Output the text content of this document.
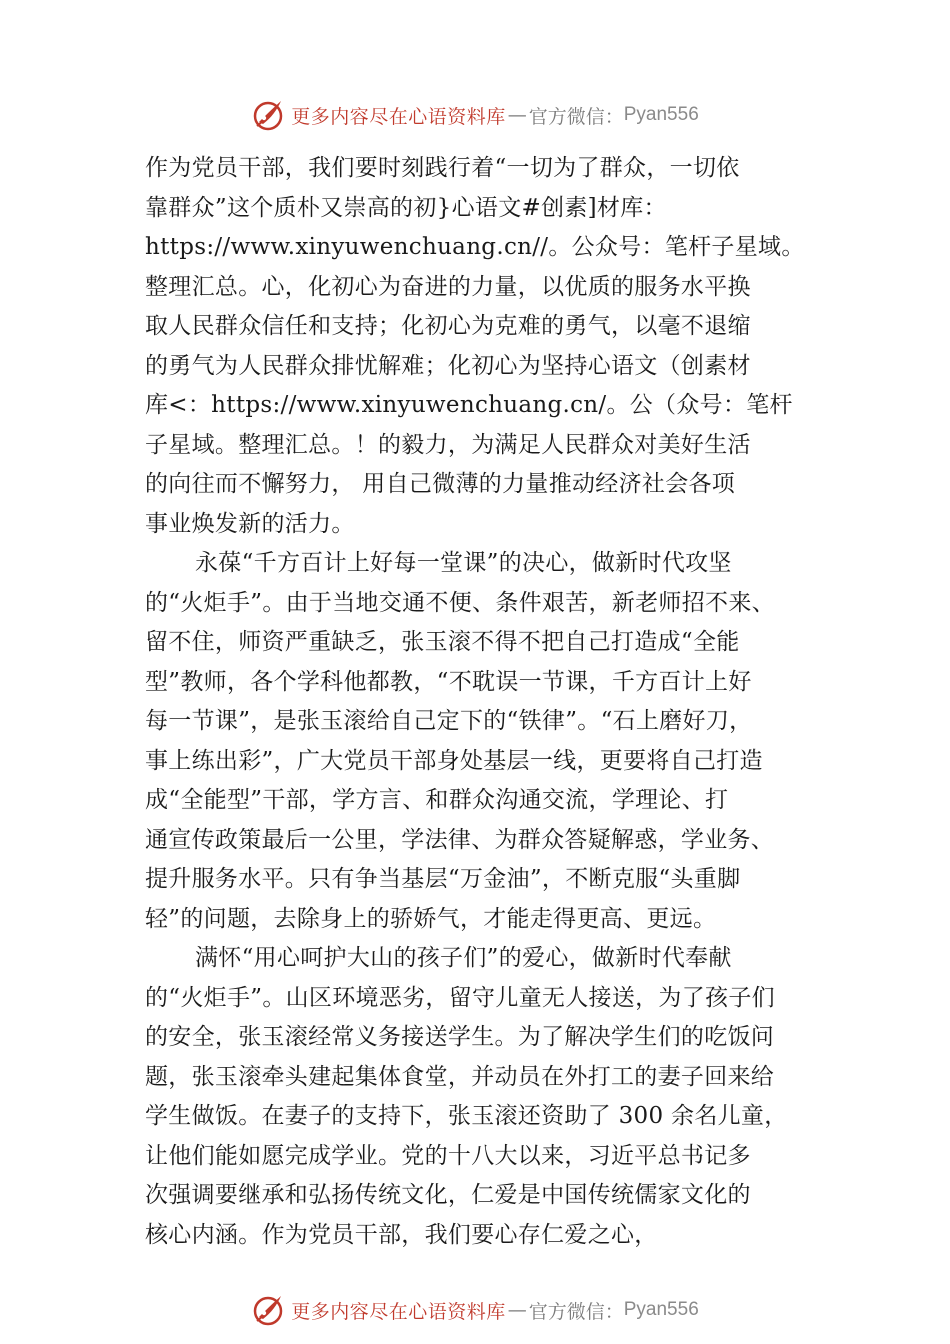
更多内容尽在心语资料库 — 官方微信： Pyan556
作为党员干部，我们要时刻践行着“一切为了群众，一切依
靠群众”这个质朴又崇高的初}心语文#创素]材库：
https://www.xinyuwenchuang.cn//。公众号：笔杆子星域。
整理汇总。心，化初心为奋进的力量，以优质的服务水平换
取人民群众信任和支持；化初心为克难的勇气，以毫不退缩
的勇气为人民群众排忧解难；化初心为坚持心语文（创素材
库<：https://www.xinyuwenchuang.cn/。公（众号：笔杆
子星域。整理汇总。！的毅力，为满足人民群众对美好生活
的向往而不懈努力， 用自己微薄的力量推动经济社会各项
事业焕发新的活力。
永葆“千方百计上好每一堂课”的决心，做新时代攻坚
的“火炬手”。由于当地交通不便、条件艰苦，新老师招不来、
留不住，师资严重缺乏，张玉滚不得不把自己打造成“全能
型”教师，各个学科他都教，“不耽误一节课，千方百计上好
每一节课”，是张玉滚给自己定下的“铁律”。“石上磨好刀，
事上练出彩”，广大党员干部身处基层一线，更要将自己打造
成“全能型”干部，学方言、和群众沟通交流，学理论、打
通宣传政策最后一公里，学法律、为群众答疑解惑，学业务、
提升服务水平。只有争当基层“万金油”，不断克服“头重脚
轻”的问题，去除身上的骄娇气，才能走得更高、更远。
满怀“用心呵护大山的孩子们”的爱心，做新时代奉献
的“火炬手”。山区环境恶劣，留守儿童无人接送，为了孩子们
的安全，张玉滚经常义务接送学生。为了解决学生们的吃饭问
题，张玉滚牵头建起集体食堂，并动员在外打工的妻子回来给
学生做饭。在妻子的支持下，张玉滚还资助了 300 余名儿童，
让他们能如愿完成学业。党的十八大以来，习近平总书记多
次强调要继承和弘扬传统文化，仁爱是中国传统儒家文化的
核心内涵。作为党员干部，我们要心存仁爱之心，
更多内容尽在心语资料库 — 官方微信： Pyan556
